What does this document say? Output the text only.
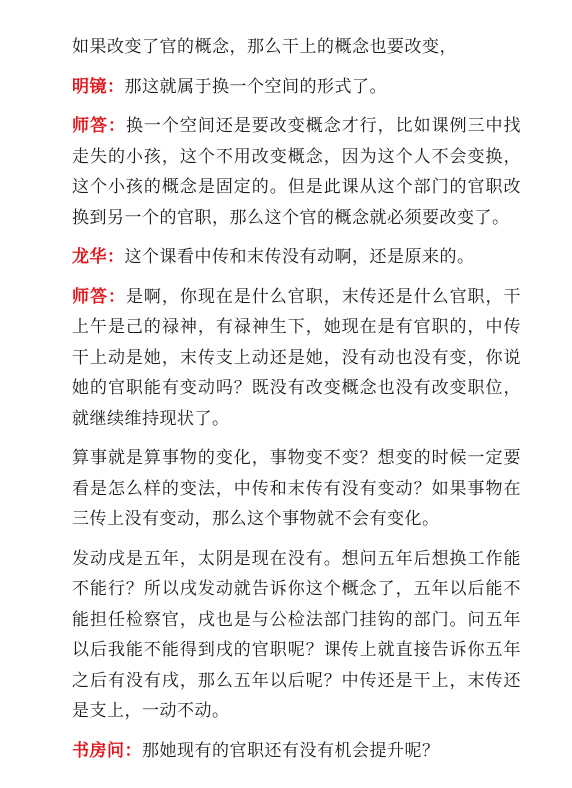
如果改变了官的概念，那么干上的概念也要改变，

明镜：那这就属于换一个空间的形式了。

师答：换一个空间还是要改变概念才行，比如课例三中找走失的小孩，这个不用改变概念，因为这个人不会变换，这个小孩的概念是固定的。但是此课从这个部门的官职改换到另一个的官职，那么这个官的概念就必须要改变了。

龙华：这个课看中传和末传没有动啊，还是原来的。

师答：是啊，你现在是什么官职，末传还是什么官职，干上午是己的禄神，有禄神生下，她现在是有官职的，中传干上动是她，末传支上动还是她，没有动也没有变，你说她的官职能有变动吗？既没有改变概念也没有改变职位，就继续维持现状了。

算事就是算事物的变化，事物变不变？想变的时候一定要看是怎么样的变法，中传和末传有没有变动？如果事物在三传上没有变动，那么这个事物就不会有变化。

发动戌是五年，太阴是现在没有。想问五年后想换工作能不能行？所以戌发动就告诉你这个概念了，五年以后能不能担任检察官，戌也是与公检法部门挂钩的部门。问五年以后我能不能得到戌的官职呢？课传上就直接告诉你五年之后有没有戌，那么五年以后呢？中传还是干上，末传还是支上，一动不动。

书房问：那她现有的官职还有没有机会提升呢？
